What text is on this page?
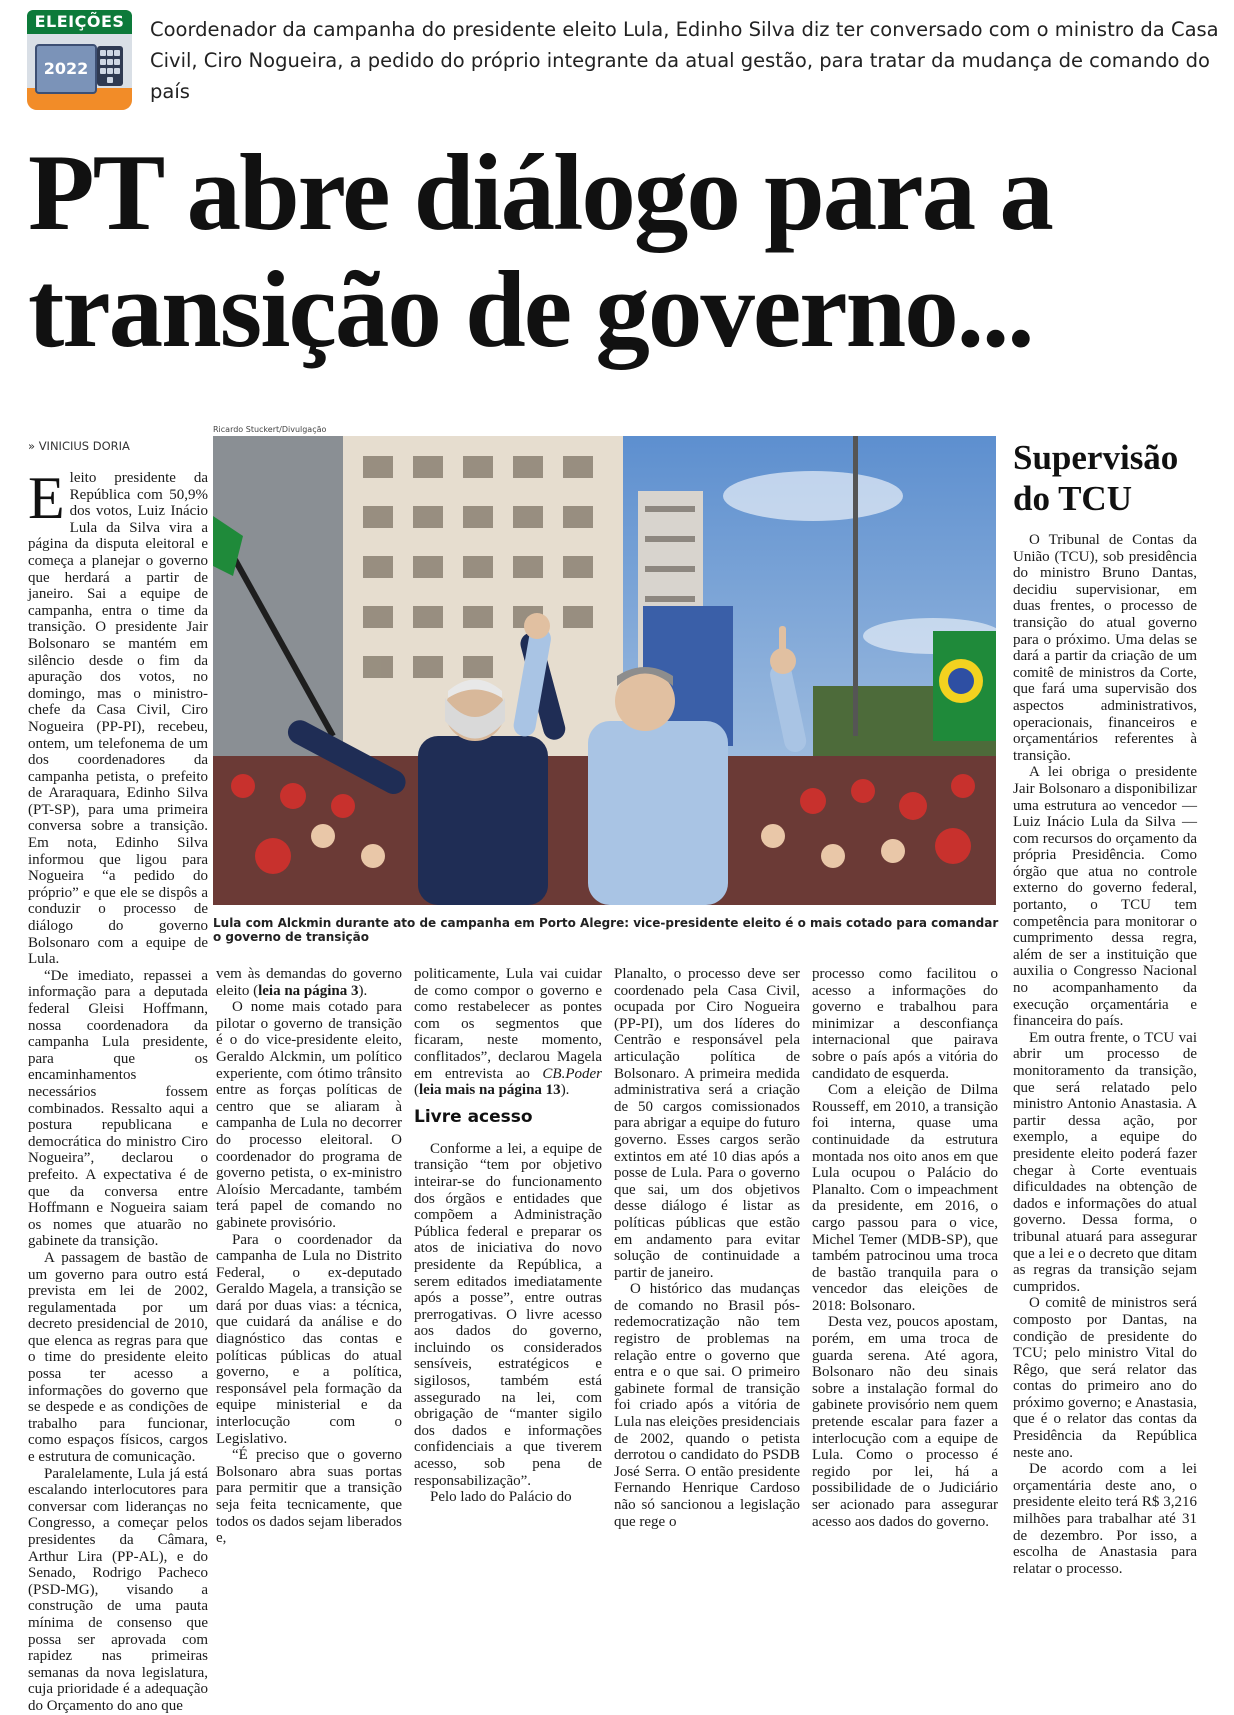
ELEIÇÕES
2022
Coordenador da campanha do presidente eleito Lula, Edinho Silva diz ter conversado com o ministro da Casa Civil, Ciro Nogueira, a pedido do próprio integrante da atual gestão, para tratar da mudança de comando do país
PT abre diálogo para a
transição de governo...
» VINICIUS DORIA

Eleito presidente da República com 50,9% dos votos, Luiz Inácio Lula da Silva vira a página da disputa eleitoral e começa a planejar o governo que herdará a partir de janeiro. Sai a equipe de campanha, entra o time da transição. O presidente Jair Bolsonaro se mantém em silêncio desde o fim da apuração dos votos, no domingo, mas o ministro-chefe da Casa Civil, Ciro Nogueira (PP-PI), recebeu, ontem, um telefonema de um dos coordenadores da campanha petista, o prefeito de Araraquara, Edinho Silva (PT-SP), para uma primeira conversa sobre a transição. Em nota, Edinho Silva informou que ligou para Nogueira “a pedido do próprio” e que ele se dispôs a conduzir o processo de diálogo do governo Bolsonaro com a equipe de Lula.

“De imediato, repassei a informação para a deputada federal Gleisi Hoffmann, nossa coordenadora da campanha Lula presidente, para que os encaminhamentos necessários fossem combinados. Ressalto aqui a postura republicana e democrática do ministro Ciro Nogueira”, declarou o prefeito. A expectativa é de que da conversa entre Hoffmann e Nogueira saiam os nomes que atuarão no gabinete da transição.

A passagem de bastão de um governo para outro está prevista em lei de 2002, regulamentada por um decreto presidencial de 2010, que elenca as regras para que o time do presidente eleito possa ter acesso a informações do governo que se despede e as condições de trabalho para funcionar, como espaços físicos, cargos e estrutura de comunicação.

Paralelamente, Lula já está escalando interlocutores para conversar com lideranças no Congresso, a começar pelos presidentes da Câmara, Arthur Lira (PP-AL), e do Senado, Rodrigo Pacheco (PSD-MG), visando a construção de uma pauta mínima de consenso que possa ser aprovada com rapidez nas primeiras semanas da nova legislatura, cuja prioridade é a adequação do Orçamento do ano que

Ricardo Stuckert/Divulgação
Lula com Alckmin durante ato de campanha em Porto Alegre: vice-presidente eleito é o mais cotado para comandar o governo de transição

vem às demandas do governo eleito (leia na página 3).

O nome mais cotado para pilotar o governo de transição é o do vice-presidente eleito, Geraldo Alckmin, um político experiente, com ótimo trânsito entre as forças políticas de centro que se aliaram à campanha de Lula no decorrer do processo eleitoral. O coordenador do programa de governo petista, o ex-ministro Aloísio Mercadante, também terá papel de comando no gabinete provisório.

Para o coordenador da campanha de Lula no Distrito Federal, o ex-deputado Geraldo Magela, a transição se dará por duas vias: a técnica, que cuidará da análise e do diagnóstico das contas e políticas públicas do atual governo, e a política, responsável pela formação da equipe ministerial e da interlocução com o Legislativo.

“É preciso que o governo Bolsonaro abra suas portas para permitir que a transição seja feita tecnicamente, que todos os dados sejam liberados e,

politicamente, Lula vai cuidar de como compor o governo e como restabelecer as pontes com os segmentos que ficaram, neste momento, conflitados”, declarou Magela em entrevista ao CB.Poder (leia mais na página 13).

Livre acesso

Conforme a lei, a equipe de transição “tem por objetivo inteirar-se do funcionamento dos órgãos e entidades que compõem a Administração Pública federal e preparar os atos de iniciativa do novo presidente da República, a serem editados imediatamente após a posse”, entre outras prerrogativas. O livre acesso aos dados do governo, incluindo os considerados sensíveis, estratégicos e sigilosos, também está assegurado na lei, com obrigação de “manter sigilo dos dados e informações confidenciais a que tiverem acesso, sob pena de responsabilização”.

Pelo lado do Palácio do

Planalto, o processo deve ser coordenado pela Casa Civil, ocupada por Ciro Nogueira (PP-PI), um dos líderes do Centrão e responsável pela articulação política de Bolsonaro. A primeira medida administrativa será a criação de 50 cargos comissionados para abrigar a equipe do futuro governo. Esses cargos serão extintos em até 10 dias após a posse de Lula. Para o governo que sai, um dos objetivos desse diálogo é listar as políticas públicas que estão em andamento para evitar solução de continuidade a partir de janeiro.

O histórico das mudanças de comando no Brasil pós-redemocratização não tem registro de problemas na relação entre o governo que entra e o que sai. O primeiro gabinete formal de transição foi criado após a vitória de Lula nas eleições presidenciais de 2002, quando o petista derrotou o candidato do PSDB José Serra. O então presidente Fernando Henrique Cardoso não só sancionou a legislação que rege o

processo como facilitou o acesso a informações do governo e trabalhou para minimizar a desconfiança internacional que pairava sobre o país após a vitória do candidato de esquerda.

Com a eleição de Dilma Rousseff, em 2010, a transição foi interna, quase uma continuidade da estrutura montada nos oito anos em que Lula ocupou o Palácio do Planalto. Com o impeachment da presidente, em 2016, o cargo passou para o vice, Michel Temer (MDB-SP), que também patrocinou uma troca de bastão tranquila para o vencedor das eleições de 2018: Bolsonaro.

Desta vez, poucos apostam, porém, em uma troca de guarda serena. Até agora, Bolsonaro não deu sinais sobre a instalação formal do gabinete provisório nem quem pretende escalar para fazer a interlocução com a equipe de Lula. Como o processo é regido por lei, há a possibilidade de o Judiciário ser acionado para assegurar acesso aos dados do governo.

Supervisão
do TCU

O Tribunal de Contas da União (TCU), sob presidência do ministro Bruno Dantas, decidiu supervisionar, em duas frentes, o processo de transição do atual governo para o próximo. Uma delas se dará a partir da criação de um comitê de ministros da Corte, que fará uma supervisão dos aspectos administrativos, operacionais, financeiros e orçamentários referentes à transição.

A lei obriga o presidente Jair Bolsonaro a disponibilizar uma estrutura ao vencedor — Luiz Inácio Lula da Silva — com recursos do orçamento da própria Presidência. Como órgão que atua no controle externo do governo federal, portanto, o TCU tem competência para monitorar o cumprimento dessa regra, além de ser a instituição que auxilia o Congresso Nacional no acompanhamento da execução orçamentária e financeira do país.

Em outra frente, o TCU vai abrir um processo de monitoramento da transição, que será relatado pelo ministro Antonio Anastasia. A partir dessa ação, por exemplo, a equipe do presidente eleito poderá fazer chegar à Corte eventuais dificuldades na obtenção de dados e informações do atual governo. Dessa forma, o tribunal atuará para assegurar que a lei e o decreto que ditam as regras da transição sejam cumpridos.

O comitê de ministros será composto por Dantas, na condição de presidente do TCU; pelo ministro Vital do Rêgo, que será relator das contas do primeiro ano do próximo governo; e Anastasia, que é o relator das contas da Presidência da República neste ano.

De acordo com a lei orçamentária deste ano, o presidente eleito terá R$ 3,216 milhões para trabalhar até 31 de dezembro. Por isso, a escolha de Anastasia para relatar o processo.
